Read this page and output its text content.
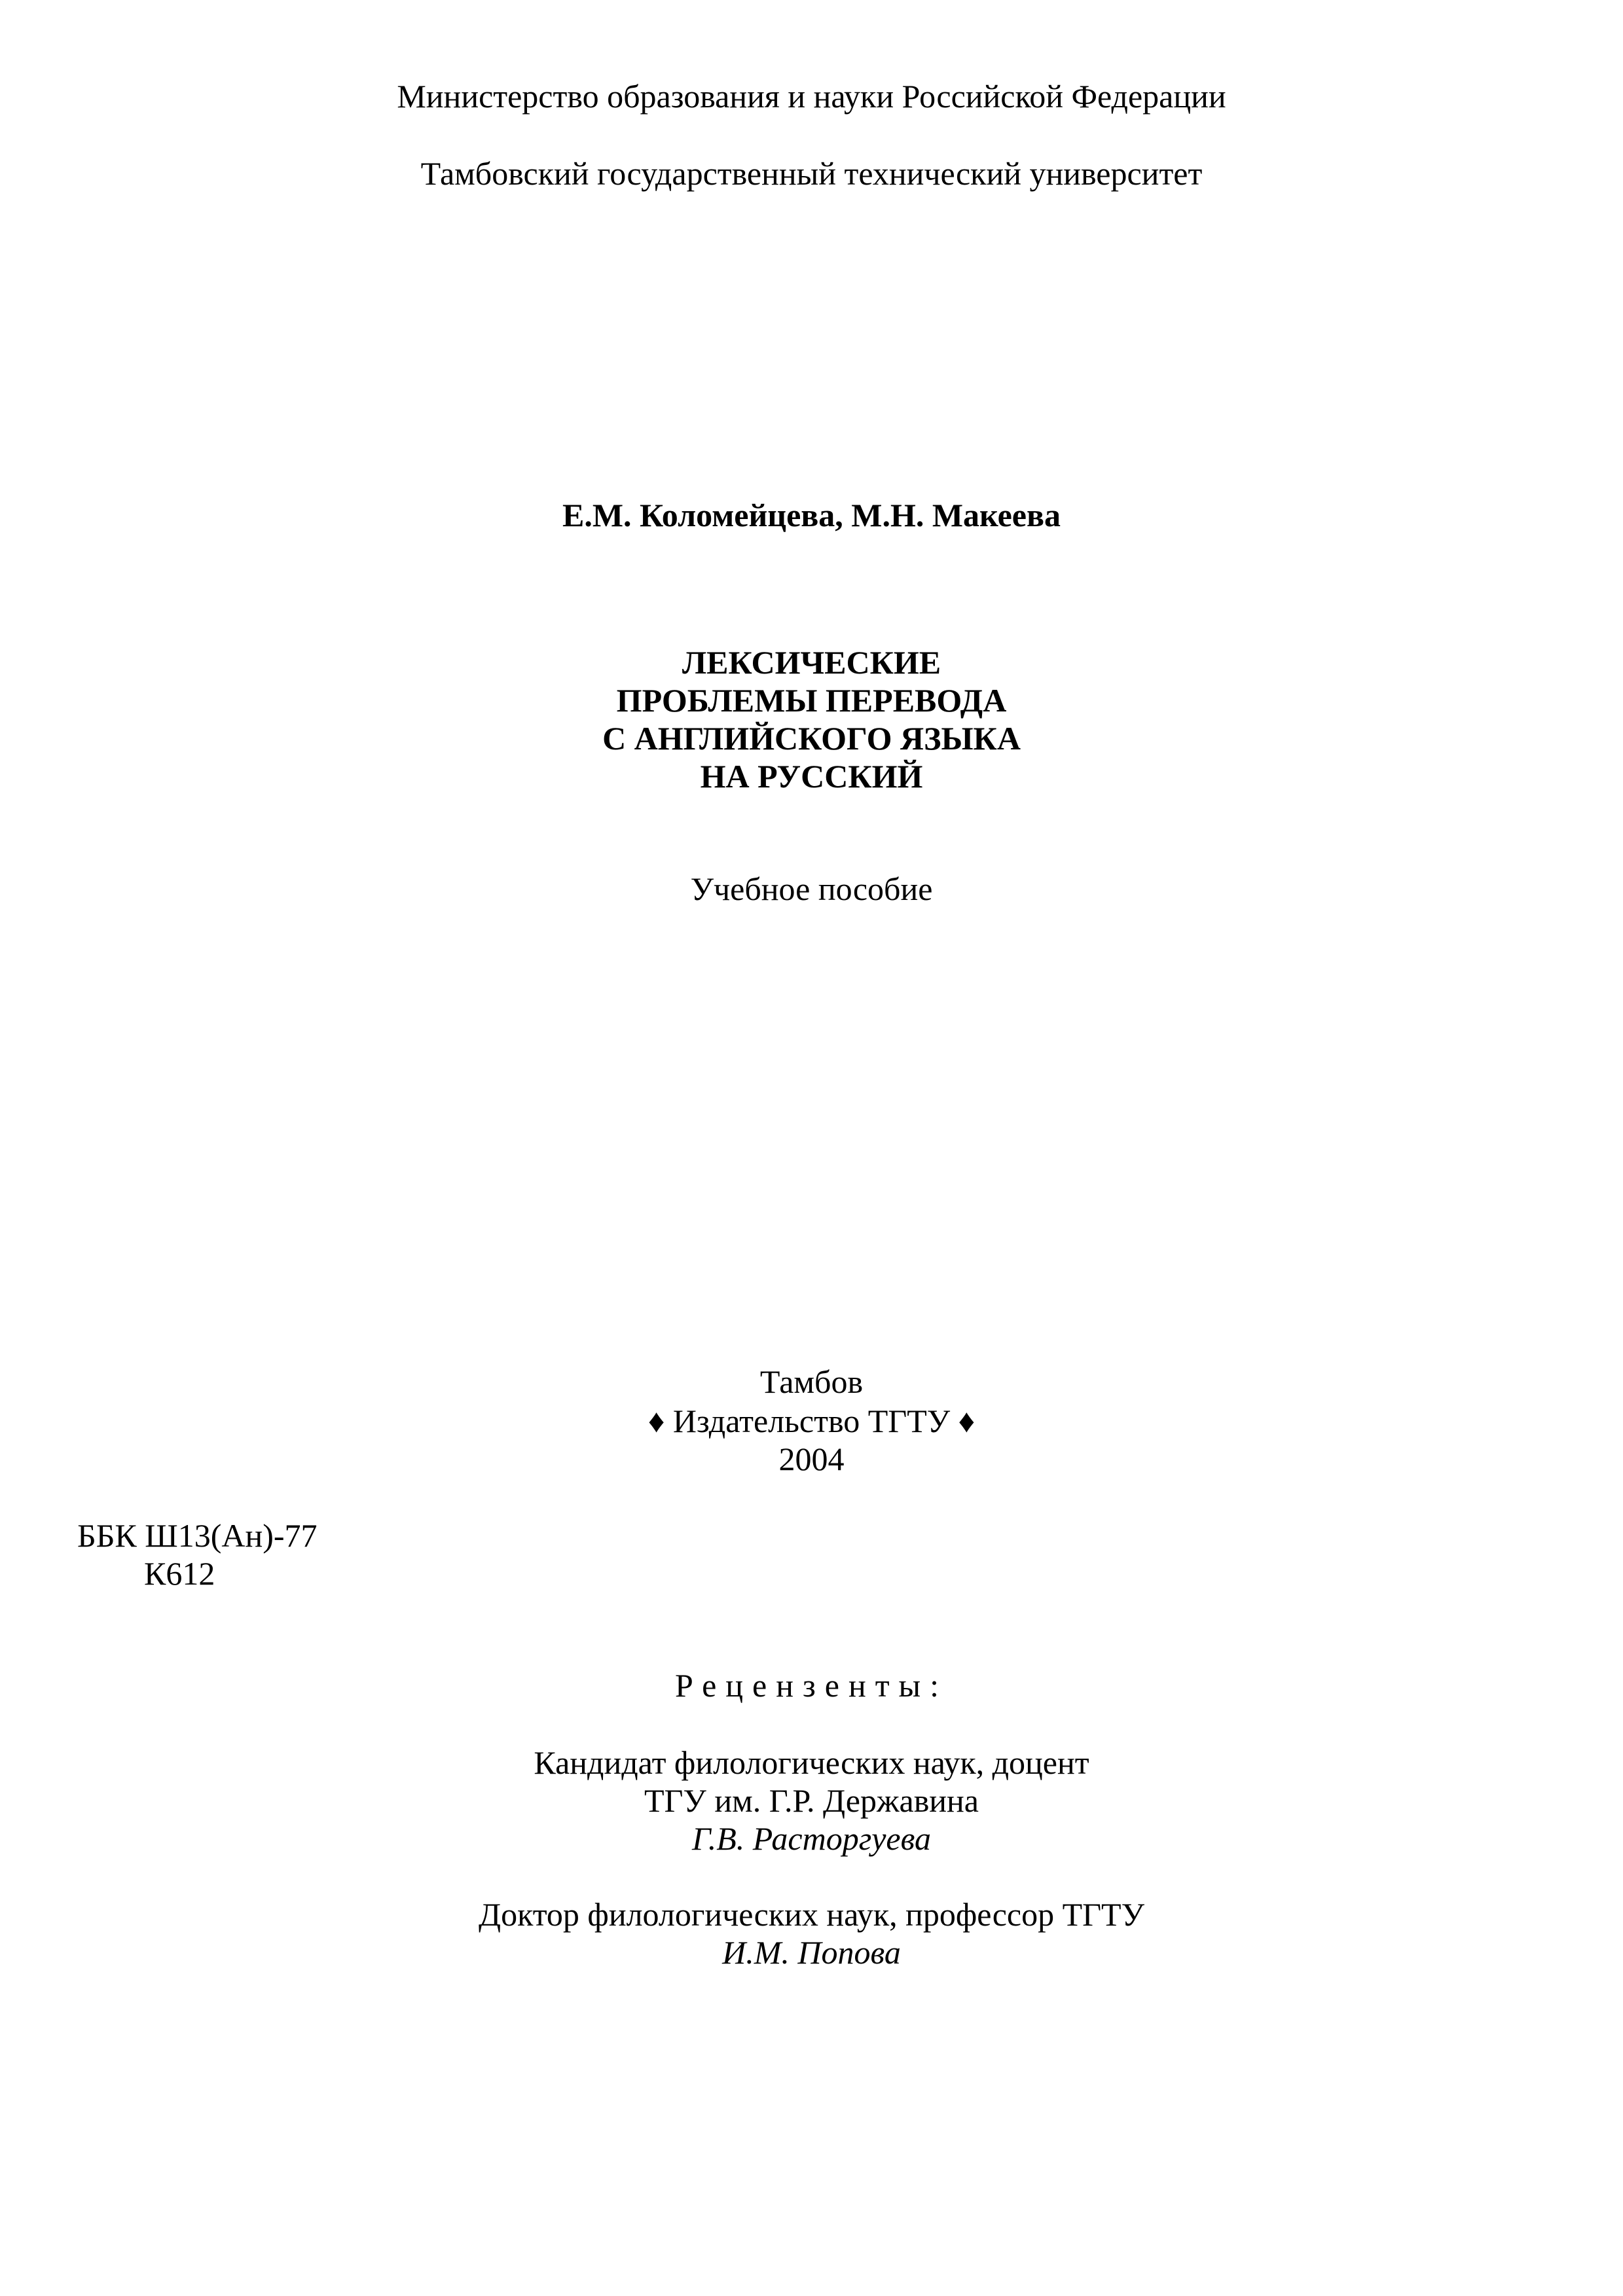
Министерство образования и науки Российской Федерации
Тамбовский государственный технический университет
Е.М. Коломейцева, М.Н. Макеева
ЛЕКСИЧЕСКИЕ
ПРОБЛЕМЫ ПЕРЕВОДА
С АНГЛИЙСКОГО ЯЗЫКА
НА РУССКИЙ
Учебное пособие
Тамбов
♦ Издательство ТГТУ ♦
2004
ББК Ш13(Ан)-77
К612
Рецензенты:
Кандидат филологических наук, доцент
ТГУ им. Г.Р. Державина
Г.В. Расторгуева
Доктор филологических наук, профессор ТГТУ
И.М. Попова
